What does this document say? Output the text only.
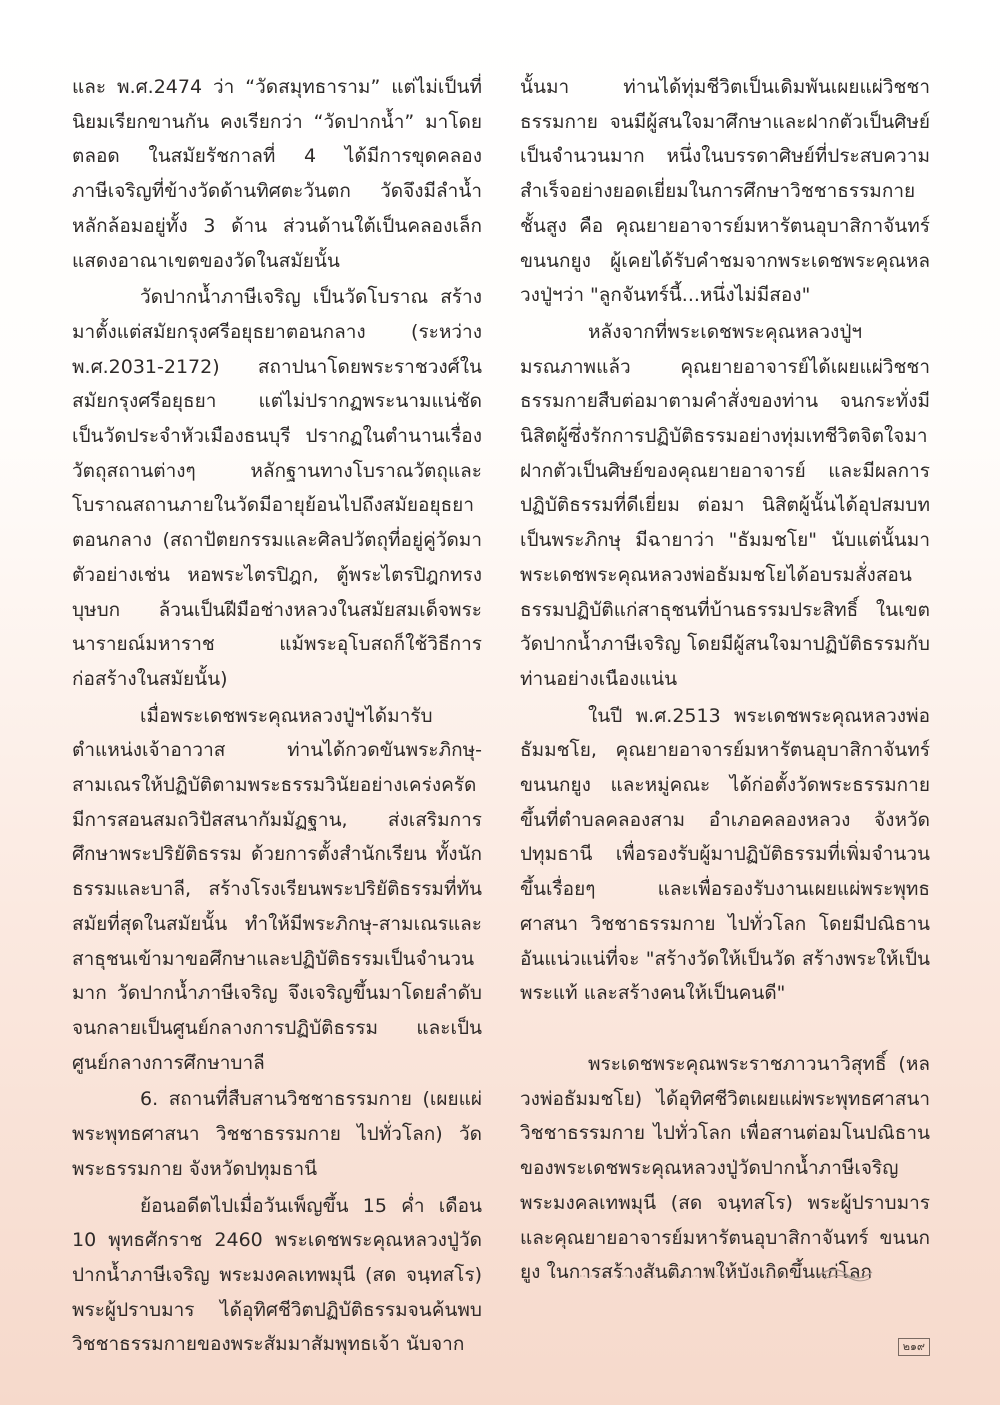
และ พ.ศ.2474 ว่า “วัดสมุทธาราม” แต่ไม่เป็นที่นิยมเรียกขานกัน คงเรียกว่า “วัดปากน้ำ” มาโดยตลอด ในสมัยรัชกาลที่ 4 ได้มีการขุดคลองภาษีเจริญที่ข้างวัดด้านทิศตะวันตก วัดจึงมีลำน้ำหลักล้อมอยู่ทั้ง 3 ด้าน ส่วนด้านใต้เป็นคลองเล็กแสดงอาณาเขตของวัดในสมัยนั้น

วัดปากน้ำภาษีเจริญ เป็นวัดโบราณ สร้างมาตั้งแต่สมัยกรุงศรีอยุธยาตอนกลาง (ระหว่าง พ.ศ.2031-2172) สถาปนาโดยพระราชวงศ์ในสมัยกรุงศรีอยุธยา แต่ไม่ปรากฏพระนามแน่ชัด เป็นวัดประจำหัวเมืองธนบุรี ปรากฏในตำนานเรื่องวัตถุสถานต่างๆ หลักฐานทางโบราณวัตถุและโบราณสถานภายในวัดมีอายุย้อนไปถึงสมัยอยุธยาตอนกลาง (สถาปัตยกรรมและศิลปวัตถุที่อยู่คู่วัดมาตัวอย่างเช่น หอพระไตรปิฎก, ตู้พระไตรปิฎกทรงบุษบก ล้วนเป็นฝีมือช่างหลวงในสมัยสมเด็จพระนารายณ์มหาราช แม้พระอุโบสถก็ใช้วิธีการก่อสร้างในสมัยนั้น)

เมื่อพระเดชพระคุณหลวงปู่ฯได้มารับตำแหน่งเจ้าอาวาส ท่านได้กวดขันพระภิกษุ-สามเณรให้ปฏิบัติตามพระธรรมวินัยอย่างเคร่งครัด มีการสอนสมถวิปัสสนากัมมัฏฐาน, ส่งเสริมการศึกษาพระปริยัติธรรม ด้วยการตั้งสำนักเรียน ทั้งนักธรรมและบาลี, สร้างโรงเรียนพระปริยัติธรรมที่ทันสมัยที่สุดในสมัยนั้น ทำให้มีพระภิกษุ-สามเณรและสาธุชนเข้ามาขอศึกษาและปฏิบัติธรรมเป็นจำนวนมาก วัดปากน้ำภาษีเจริญ จึงเจริญขึ้นมาโดยลำดับ จนกลายเป็นศูนย์กลางการปฏิบัติธรรม และเป็นศูนย์กลางการศึกษาบาลี

6. สถานที่สืบสานวิชชาธรรมกาย (เผยแผ่พระพุทธศาสนา วิชชาธรรมกาย ไปทั่วโลก) วัดพระธรรมกาย จังหวัดปทุมธานี

ย้อนอดีตไปเมื่อวันเพ็ญขึ้น 15 ค่ำ เดือน 10 พุทธศักราช 2460 พระเดชพระคุณหลวงปู่วัดปากน้ำภาษีเจริญ พระมงคลเทพมุนี (สด จนฺทสโร) พระผู้ปราบมาร ได้อุทิศชีวิตปฏิบัติธรรมจนค้นพบวิชชาธรรมกายของพระสัมมาสัมพุทธเจ้า นับจาก

นั้นมา ท่านได้ทุ่มชีวิตเป็นเดิมพันเผยแผ่วิชชาธรรมกาย จนมีผู้สนใจมาศึกษาและฝากตัวเป็นศิษย์เป็นจำนวนมาก หนึ่งในบรรดาศิษย์ที่ประสบความสำเร็จอย่างยอดเยี่ยมในการศึกษาวิชชาธรรมกาย ชั้นสูง คือ คุณยายอาจารย์มหารัตนอุบาสิกาจันทร์ ขนนกยูง ผู้เคยได้รับคำชมจากพระเดชพระคุณหลวงปู่ฯว่า "ลูกจันทร์นี้...หนึ่งไม่มีสอง"

หลังจากที่พระเดชพระคุณหลวงปู่ฯมรณภาพแล้ว คุณยายอาจารย์ได้เผยแผ่วิชชาธรรมกายสืบต่อมาตามคำสั่งของท่าน จนกระทั่งมีนิสิตผู้ซึ่งรักการปฏิบัติธรรมอย่างทุ่มเทชีวิตจิตใจมาฝากตัวเป็นศิษย์ของคุณยายอาจารย์ และมีผลการปฏิบัติธรรมที่ดีเยี่ยม ต่อมา นิสิตผู้นั้นได้อุปสมบทเป็นพระภิกษุ มีฉายาว่า "ธัมมชโย" นับแต่นั้นมา พระเดชพระคุณหลวงพ่อธัมมชโยได้อบรมสั่งสอนธรรมปฏิบัติแก่สาธุชนที่บ้านธรรมประสิทธิ์ ในเขตวัดปากน้ำภาษีเจริญ โดยมีผู้สนใจมาปฏิบัติธรรมกับท่านอย่างเนืองแน่น

ในปี พ.ศ.2513 พระเดชพระคุณหลวงพ่อธัมมชโย, คุณยายอาจารย์มหารัตนอุบาสิกาจันทร์ ขนนกยูง และหมู่คณะ ได้ก่อตั้งวัดพระธรรมกาย ขึ้นที่ตำบลคลองสาม อำเภอคลองหลวง จังหวัดปทุมธานี เพื่อรองรับผู้มาปฏิบัติธรรมที่เพิ่มจำนวนขึ้นเรื่อยๆ และเพื่อรองรับงานเผยแผ่พระพุทธศาสนา วิชชาธรรมกาย ไปทั่วโลก โดยมีปณิธานอันแน่วแน่ที่จะ "สร้างวัดให้เป็นวัด สร้างพระให้เป็นพระแท้ และสร้างคนให้เป็นคนดี"

พระเดชพระคุณพระราชภาวนาวิสุทธิ์ (หลวงพ่อธัมมชโย) ได้อุทิศชีวิตเผยแผ่พระพุทธศาสนา วิชชาธรรมกาย ไปทั่วโลก เพื่อสานต่อมโนปณิธานของพระเดชพระคุณหลวงปู่วัดปากน้ำภาษีเจริญ พระมงคลเทพมุนี (สด จนฺทสโร) พระผู้ปราบมาร และคุณยายอาจารย์มหารัตนอุบาสิกาจันทร์ ขนนกยูง ในการสร้างสันติภาพให้บังเกิดขึ้นแก่โลก

๒๑๙
